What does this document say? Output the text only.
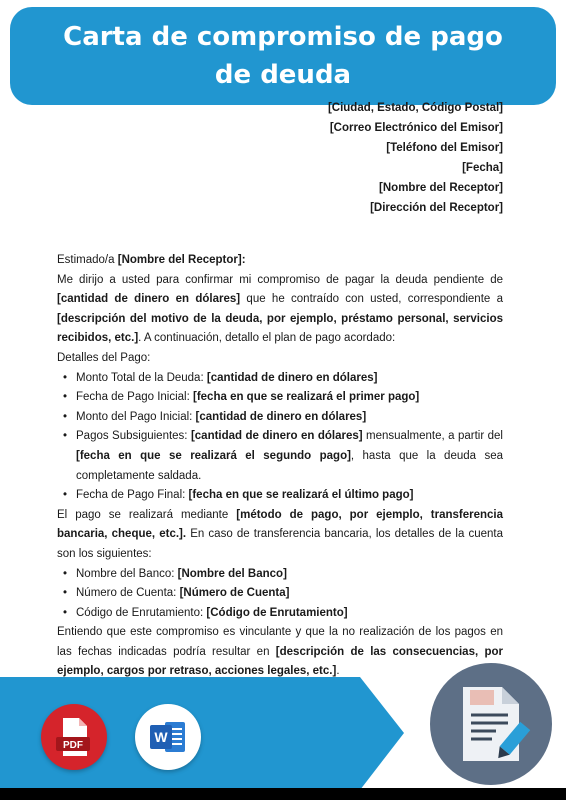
Carta de compromiso de pago de deuda
[Ciudad, Estado, Código Postal]
[Correo Electrónico del Emisor]
[Teléfono del Emisor]
[Fecha]
[Nombre del Receptor]
[Dirección del Receptor]

Estimado/a [Nombre del Receptor]:

Me dirijo a usted para confirmar mi compromiso de pagar la deuda pendiente de [cantidad de dinero en dólares] que he contraído con usted, correspondiente a [descripción del motivo de la deuda, por ejemplo, préstamo personal, servicios recibidos, etc.]. A continuación, detallo el plan de pago acordado:

Detalles del Pago:

• Monto Total de la Deuda: [cantidad de dinero en dólares]
• Fecha de Pago Inicial: [fecha en que se realizará el primer pago]
• Monto del Pago Inicial: [cantidad de dinero en dólares]
• Pagos Subsiguientes: [cantidad de dinero en dólares] mensualmente, a partir del [fecha en que se realizará el segundo pago], hasta que la deuda sea completamente saldada.
• Fecha de Pago Final: [fecha en que se realizará el último pago]

El pago se realizará mediante [método de pago, por ejemplo, transferencia bancaria, cheque, etc.]. En caso de transferencia bancaria, los detalles de la cuenta son los siguientes:

• Nombre del Banco: [Nombre del Banco]
• Número de Cuenta: [Número de Cuenta]
• Código de Enrutamiento: [Código de Enrutamiento]

Entiendo que este compromiso es vinculante y que la no realización de los pagos en las fechas indicadas podría resultar en [descripción de las consecuencias, por ejemplo, cargos por retraso, acciones legales, etc.].

PDF
W
